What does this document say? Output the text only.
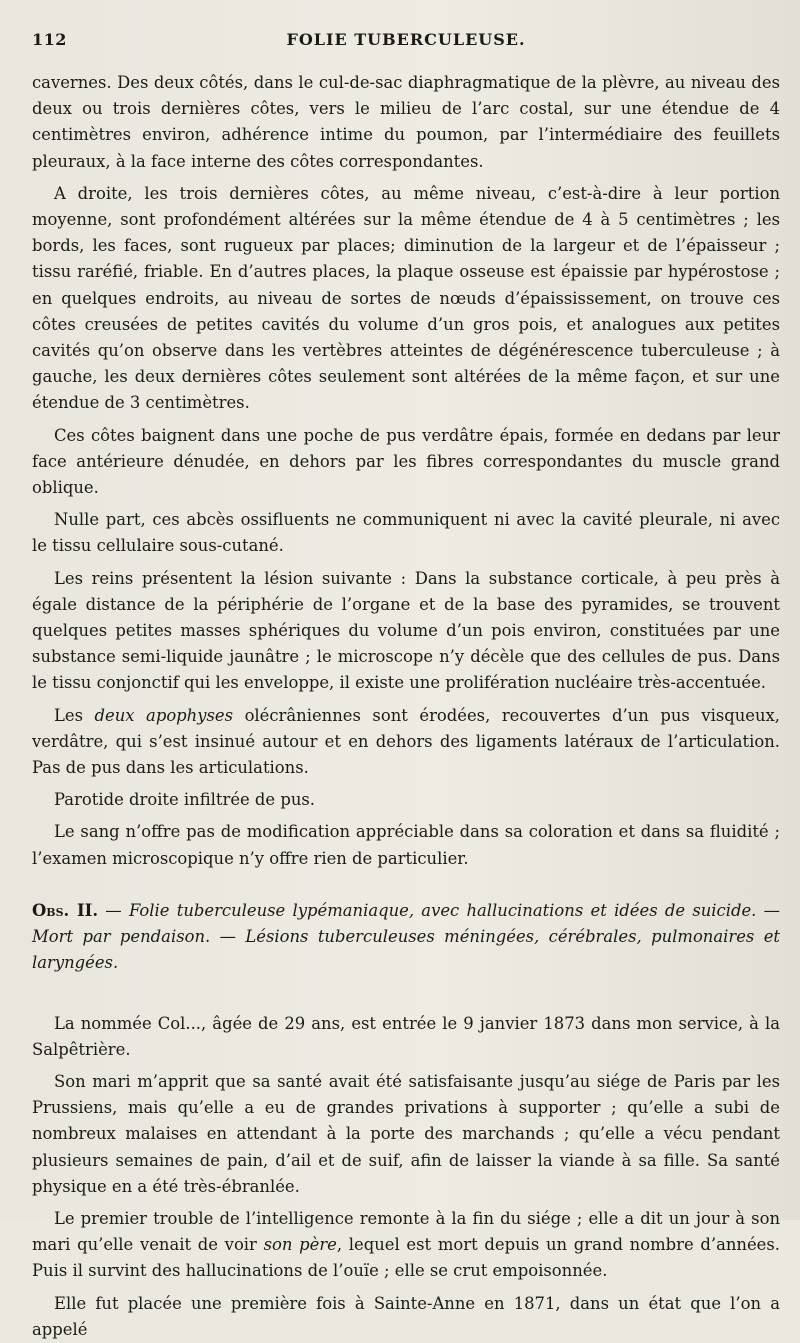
112	FOLIE TUBERCULEUSE.

cavernes. Des deux côtés, dans le cul-de-sac diaphragmatique de la plèvre, au niveau des deux ou trois dernières côtes, vers le milieu de l’arc costal, sur une étendue de 4 centimètres environ, adhérence intime du poumon, par l’intermédiaire des feuillets pleuraux, à la face interne des côtes correspondantes.

A droite, les trois dernières côtes, au même niveau, c’est-à-dire à leur portion moyenne, sont profondément altérées sur la même étendue de 4 à 5 centimètres ; les bords, les faces, sont rugueux par places; diminution de la largeur et de l’épaisseur ; tissu raréfié, friable. En d’autres places, la plaque osseuse est épaissie par hypérostose ; en quelques endroits, au niveau de sortes de nœuds d’épaississement, on trouve ces côtes creusées de petites cavités du volume d’un gros pois, et analogues aux petites cavités qu’on observe dans les vertèbres atteintes de dégénérescence tuberculeuse ; à gauche, les deux dernières côtes seulement sont altérées de la même façon, et sur une étendue de 3 centimètres.

Ces côtes baignent dans une poche de pus verdâtre épais, formée en dedans par leur face antérieure dénudée, en dehors par les fibres correspondantes du muscle grand oblique.

Nulle part, ces abcès ossifluents ne communiquent ni avec la cavité pleurale, ni avec le tissu cellulaire sous-cutané.

Les reins présentent la lésion suivante : Dans la substance corticale, à peu près à égale distance de la périphérie de l’organe et de la base des pyramides, se trouvent quelques petites masses sphériques du volume d’un pois environ, constituées par une substance semi-liquide jaunâtre ; le microscope n’y décèle que des cellules de pus. Dans le tissu conjonctif qui les enveloppe, il existe une prolifération nucléaire très-accentuée.

Les deux apophyses olécrâniennes sont érodées, recouvertes d’un pus visqueux, verdâtre, qui s’est insinué autour et en dehors des ligaments latéraux de l’articulation. Pas de pus dans les articulations.

Parotide droite infiltrée de pus.

Le sang n’offre pas de modification appréciable dans sa coloration et dans sa fluidité ; l’examen microscopique n’y offre rien de particulier.

Obs. II. — Folie tuberculeuse lypémaniaque, avec hallucinations et idées de suicide. — Mort par pendaison. — Lésions tuberculeuses méningées, cérébrales, pulmonaires et laryngées.

La nommée Col..., âgée de 29 ans, est entrée le 9 janvier 1873 dans mon service, à la Salpêtrière.

Son mari m’apprit que sa santé avait été satisfaisante jusqu’au siége de Paris par les Prussiens, mais qu’elle a eu de grandes privations à supporter ; qu’elle a subi de nombreux malaises en attendant à la porte des marchands ; qu’elle a vécu pendant plusieurs semaines de pain, d’ail et de suif, afin de laisser la viande à sa fille. Sa santé physique en a été très-ébranlée.

Le premier trouble de l’intelligence remonte à la fin du siége ; elle a dit un jour à son mari qu’elle venait de voir son père, lequel est mort depuis un grand nombre d’années. Puis il survint des hallucinations de l’ouïe ; elle se crut empoisonnée.

Elle fut placée une première fois à Sainte-Anne en 1871, dans un état que l’on a appelé
